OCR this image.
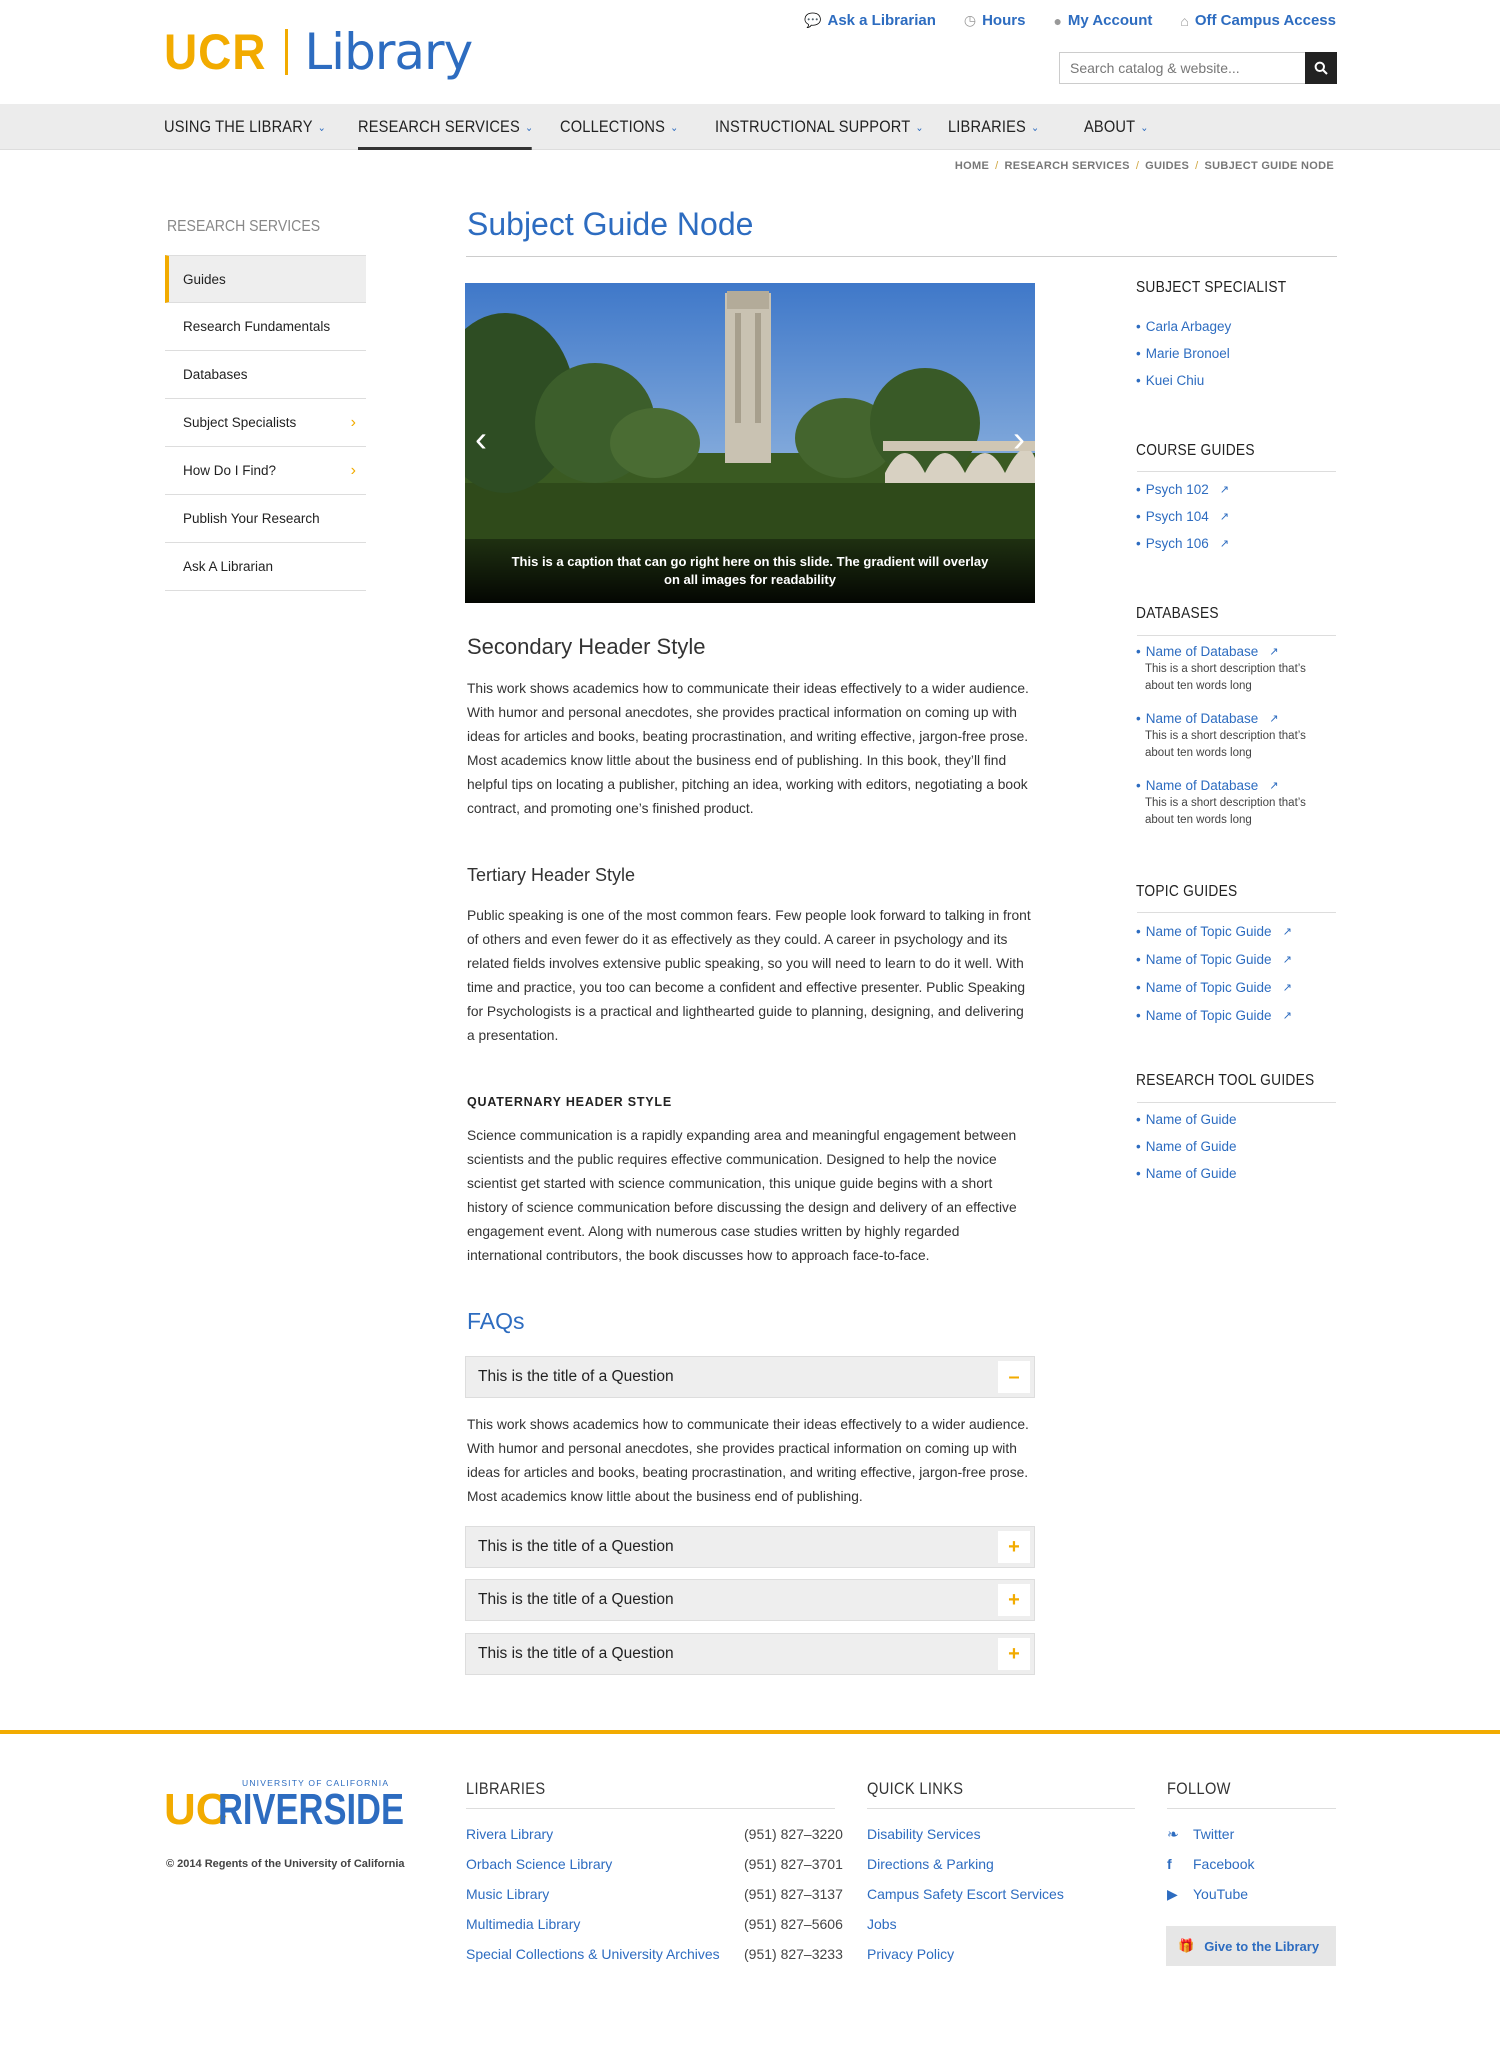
UCR Library
💬 Ask a Librarian ◷ Hours ● My Account ⌂ Off Campus Access
Search catalog & website...
USING THE LIBRARY ⌄ RESEARCH SERVICES ⌄ COLLECTIONS ⌄ INSTRUCTIONAL SUPPORT ⌄ LIBRARIES ⌄	ABOUT ⌄
HOME / RESEARCH SERVICES / GUIDES / SUBJECT GUIDE NODE
RESEARCH SERVICES
Guides
Research Fundamentals
Databases
Subject Specialists	›
How Do I Find?	›
Publish Your Research
Ask A Librarian
Subject Guide Node
‹	›
This is a caption that can go right here on this slide. The gradient will overlay on all images for readability
Secondary Header Style

This work shows academics how to communicate their ideas effectively to a wider audience. With humor and personal anecdotes, she provides practical information on coming up with ideas for articles and books, beating procrastination, and writing effective, jargon-free prose. Most academics know little about the business end of publishing. In this book, they’ll find helpful tips on locating a publisher, pitching an idea, working with editors, negotiating a book contract, and promoting one’s finished product.

Tertiary Header Style

Public speaking is one of the most common fears. Few people look forward to talking in front of others and even fewer do it as effectively as they could. A career in psychology and its related fields involves extensive public speaking, so you will need to learn to do it well. With time and practice, you too can become a confident and effective presenter. Public Speaking for Psychologists is a practical and lighthearted guide to planning, designing, and delivering a presentation.

QUATERNARY HEADER STYLE

Science communication is a rapidly expanding area and meaningful engagement between scientists and the public requires effective communication. Designed to help the novice scientist get started with science communication, this unique guide begins with a short history of science communication before discussing the design and delivery of an effective engagement event. Along with numerous case studies written by highly regarded international contributors, the book discusses how to approach face-to-face.

FAQs
This is the title of a Question	–

This work shows academics how to communicate their ideas effectively to a wider audience. With humor and personal anecdotes, she provides practical information on coming up with ideas for articles and books, beating procrastination, and writing effective, jargon-free prose. Most academics know little about the business end of publishing.

This is the title of a Question	+
This is the title of a Question	+
This is the title of a Question	+
SUBJECT SPECIALIST
• Carla Arbagey
• Marie Bronoel
• Kuei Chiu
COURSE GUIDES
• Psych 102 ↗
• Psych 104 ↗
• Psych 106 ↗
DATABASES
• Name of Database ↗
This is a short description that’s about ten words long
• Name of Database ↗
This is a short description that’s about ten words long
• Name of Database ↗
This is a short description that’s about ten words long
TOPIC GUIDES
• Name of Topic Guide ↗
• Name of Topic Guide ↗
• Name of Topic Guide ↗
• Name of Topic Guide ↗
RESEARCH TOOL GUIDES
• Name of Guide
• Name of Guide
• Name of Guide
UNIVERSITY OF CALIFORNIA
UC
RIVERSIDE
© 2014 Regents of the University of California
LIBRARIES
Rivera Library	(951) 827–3220
Orbach Science Library	(951) 827–3701
Music Library	(951) 827–3137
Multimedia Library	(951) 827–5606
Special Collections & University Archives (951) 827–3233
QUICK LINKS
Disability Services
Directions & Parking
Campus Safety Escort Services
Jobs
Privacy Policy
FOLLOW
❧	Twitter
f	Facebook
▶	YouTube
🎁 Give to the Library
